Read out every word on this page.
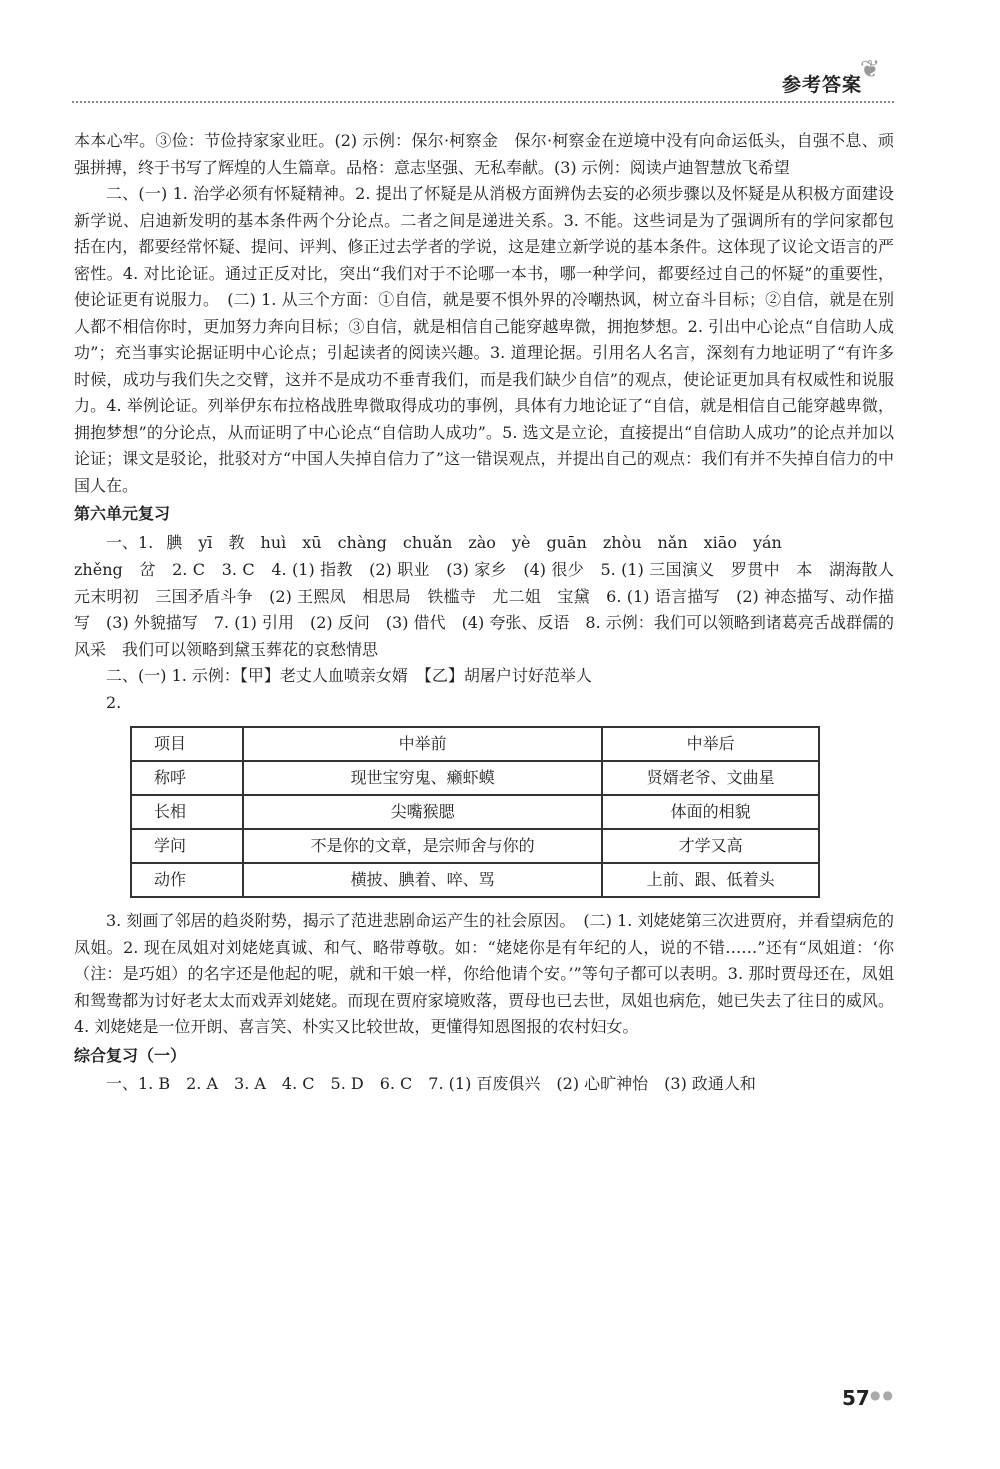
❦
参考答案

本本心牢。③俭：节俭持家家业旺。(2) 示例：保尔·柯察金　保尔·柯察金在逆境中没有向命运低头，自强不息、顽强拼搏，终于书写了辉煌的人生篇章。品格：意志坚强、无私奉献。(3) 示例：阅读卢迪智慧放飞希望

二、(一) 1. 治学必须有怀疑精神。2. 提出了怀疑是从消极方面辨伪去妄的必须步骤以及怀疑是从积极方面建设新学说、启迪新发明的基本条件两个分论点。二者之间是递进关系。3. 不能。这些词是为了强调所有的学问家都包括在内，都要经常怀疑、提问、评判、修正过去学者的学说，这是建立新学说的基本条件。这体现了议论文语言的严密性。4. 对比论证。通过正反对比，突出“我们对于不论哪一本书，哪一种学问，都要经过自己的怀疑”的重要性，使论证更有说服力。　(二) 1. 从三个方面：①自信，就是要不惧外界的冷嘲热讽，树立奋斗目标；②自信，就是在别人都不相信你时，更加努力奔向目标；③自信，就是相信自己能穿越卑微，拥抱梦想。2. 引出中心论点“自信助人成功”；充当事实论据证明中心论点；引起读者的阅读兴趣。3. 道理论据。引用名人名言，深刻有力地证明了“有许多时候，成功与我们失之交臂，这并不是成功不垂青我们，而是我们缺少自信”的观点，使论证更加具有权威性和说服力。4. 举例论证。列举伊东布拉格战胜卑微取得成功的事例，具体有力地论证了“自信，就是相信自己能穿越卑微，拥抱梦想”的分论点，从而证明了中心论点“自信助人成功”。5. 选文是立论，直接提出“自信助人成功”的论点并加以论证；课文是驳论，批驳对方“中国人失掉自信力了”这一错误观点，并提出自己的观点：我们有并不失掉自信力的中国人在。

第六单元复习

一、1. 腆　yī　教　huì　xū　chàng　chuǎn　zào　yè　guān　zhòu　nǎn　xiāo　yán

zhěng　岔　2. C　3. C　4. (1) 指教　(2) 职业　(3) 家乡　(4) 很少　5. (1) 三国演义　罗贯中　本　湖海散人　元末明初　三国矛盾斗争　(2) 王熙凤　相思局　铁槛寺　尤二姐　宝黛　6. (1) 语言描写　(2) 神态描写、动作描写　(3) 外貌描写　7. (1) 引用　(2) 反问　(3) 借代　(4) 夸张、反语　8. 示例：我们可以领略到诸葛亮舌战群儒的风采　我们可以领略到黛玉葬花的哀愁情思

二、(一) 1. 示例：【甲】老丈人血喷亲女婿　【乙】胡屠户讨好范举人

2.

项目	中举前	中举后
称呼	现世宝穷鬼、癞虾蟆	贤婿老爷、文曲星
长相	尖嘴猴腮	体面的相貌
学问	不是你的文章，是宗师舍与你的	才学又高
动作	横披、腆着、啐、骂	上前、跟、低着头

3. 刻画了邻居的趋炎附势，揭示了范进悲剧命运产生的社会原因。　(二) 1. 刘姥姥第三次进贾府，并看望病危的凤姐。2. 现在凤姐对刘姥姥真诚、和气、略带尊敬。如：“姥姥你是有年纪的人，说的不错……”还有“凤姐道：‘你（注：是巧姐）的名字还是他起的呢，就和干娘一样，你给他请个安。’”等句子都可以表明。3. 那时贾母还在，凤姐和鸳鸯都为讨好老太太而戏弄刘姥姥。而现在贾府家境败落，贾母也已去世，凤姐也病危，她已失去了往日的威风。4. 刘姥姥是一位开朗、喜言笑、朴实又比较世故，更懂得知恩图报的农村妇女。

综合复习（一）

一、1. B　2. A　3. A　4. C　5. D　6. C　7. (1) 百废俱兴　(2) 心旷神怡　(3) 政通人和

57 ●●
